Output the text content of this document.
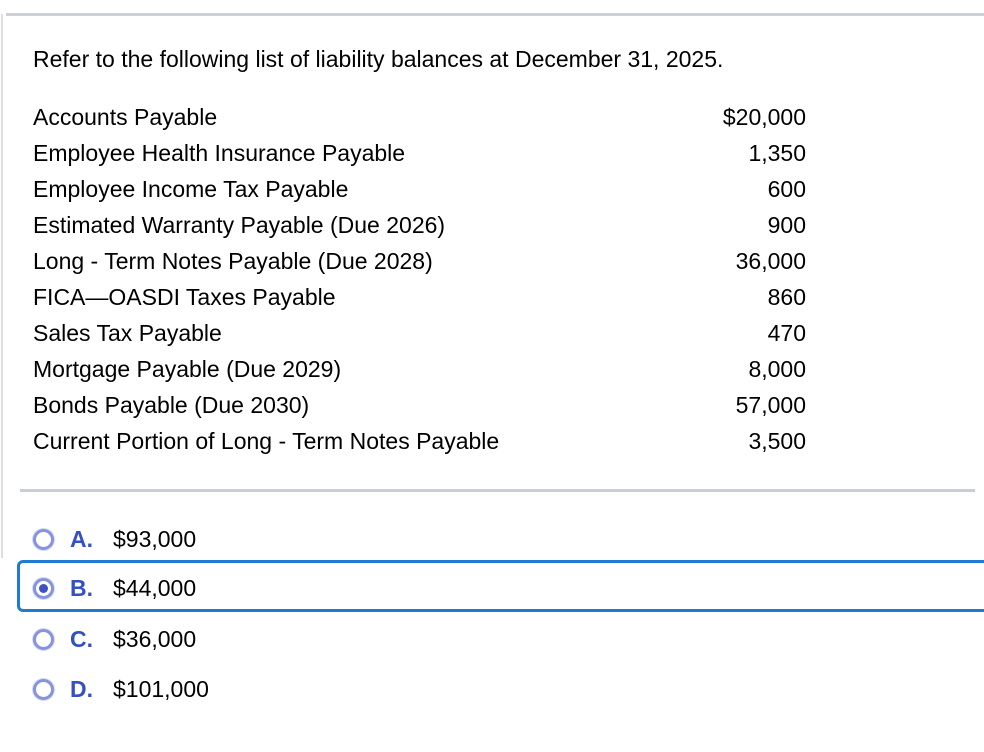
Refer to the following list of liability balances at December 31, 2025.
Accounts Payable	$20,000
Employee Health Insurance Payable	1,350
Employee Income Tax Payable	600
Estimated Warranty Payable (Due 2026)	900
Long - Term Notes Payable (Due 2028)	36,000
FICA—OASDI Taxes Payable	860
Sales Tax Payable	470
Mortgage Payable (Due 2029)	8,000
Bonds Payable (Due 2030)	57,000
Current Portion of Long - Term Notes Payable	3,500
A. $93,000
B. $44,000
C. $36,000
D. $101,000
